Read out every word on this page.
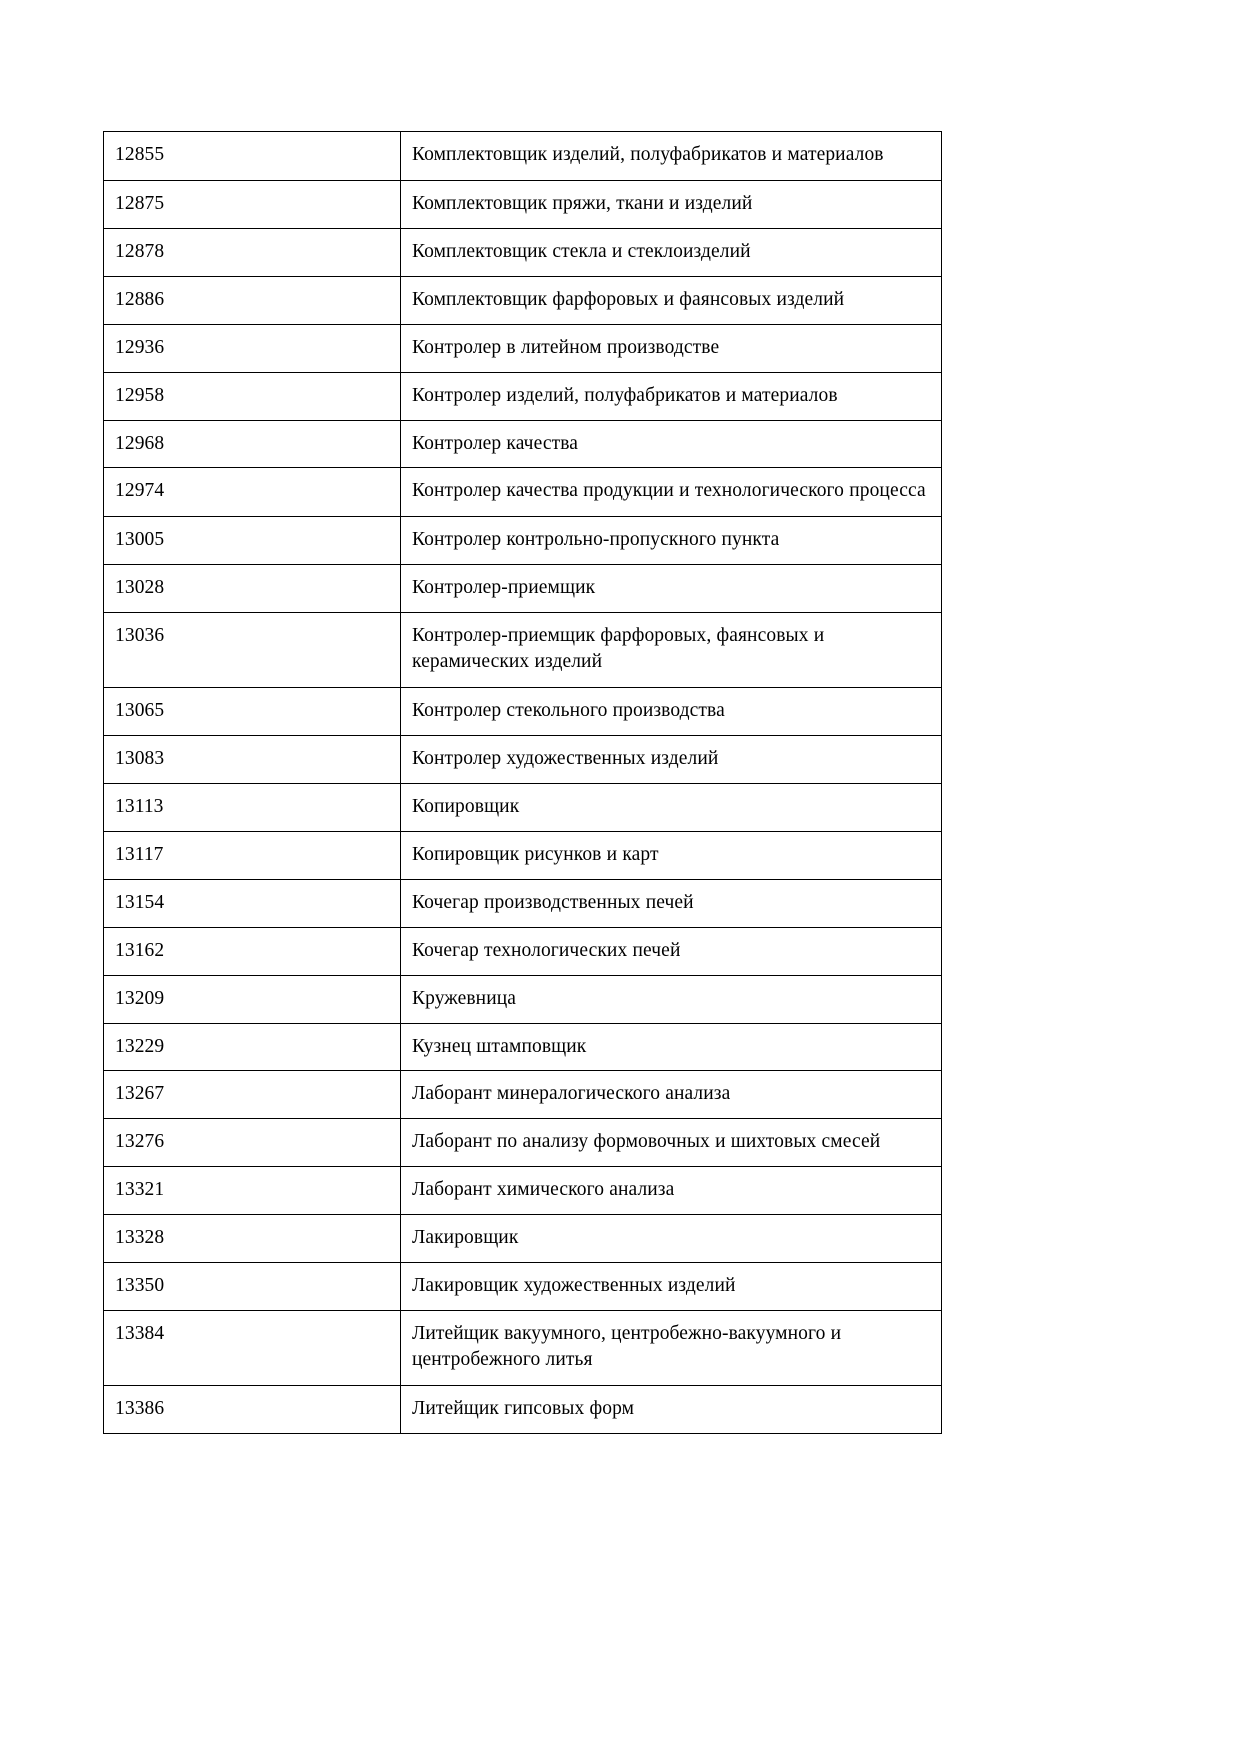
12855	Комплектовщик изделий, полуфабрикатов и материалов
12875	Комплектовщик пряжи, ткани и изделий
12878	Комплектовщик стекла и стеклоизделий
12886	Комплектовщик фарфоровых и фаянсовых изделий
12936	Контролер в литейном производстве
12958	Контролер изделий, полуфабрикатов и материалов
12968	Контролер качества
12974	Контролер качества продукции и технологического процесса
13005	Контролер контрольно-пропускного пункта
13028	Контролер-приемщик
13036	Контролер-приемщик фарфоровых, фаянсовых и керамических изделий
13065	Контролер стекольного производства
13083	Контролер художественных изделий
13113	Копировщик
13117	Копировщик рисунков и карт
13154	Кочегар производственных печей
13162	Кочегар технологических печей
13209	Кружевница
13229	Кузнец штамповщик
13267	Лаборант минералогического анализа
13276	Лаборант по анализу формовочных и шихтовых смесей
13321	Лаборант химического анализа
13328	Лакировщик
13350	Лакировщик художественных изделий
13384	Литейщик вакуумного, центробежно-вакуумного и центробежного литья
13386	Литейщик гипсовых форм
